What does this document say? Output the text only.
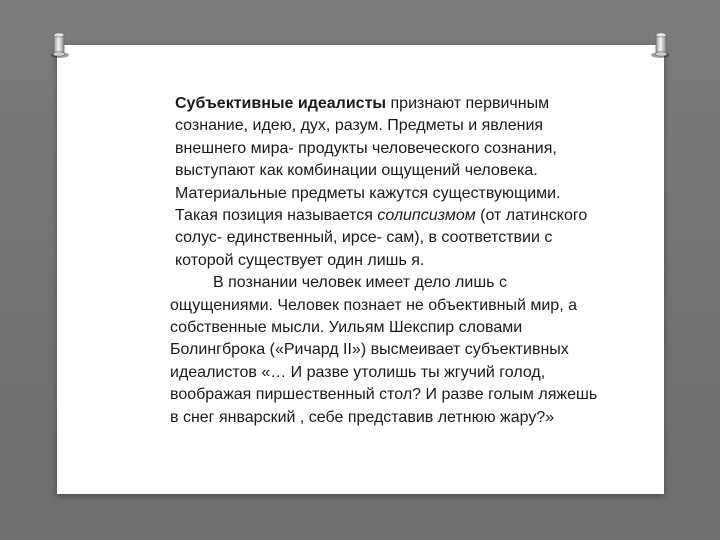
Субъективные идеалисты признают первичным сознание, идею, дух, разум. Предметы и явления внешнего мира- продукты человеческого сознания, выступают как комбинации ощущений человека. Материальные предметы кажутся существующими. Такая позиция называется солипсизмом (от латинского солус- единственный, ирсе- сам), в соответствии с которой существует один лишь я.

В познании человек имеет дело лишь с ощущениями. Человек познает не объективный мир, а собственные мысли. Уильям Шекспир словами Болингброка («Ричард II») высмеивает субъективных идеалистов «… И разве утолишь ты жгучий голод, воображая пиршественный стол? И разве голым ляжешь в снег январский , себе представив летнюю жару?»
